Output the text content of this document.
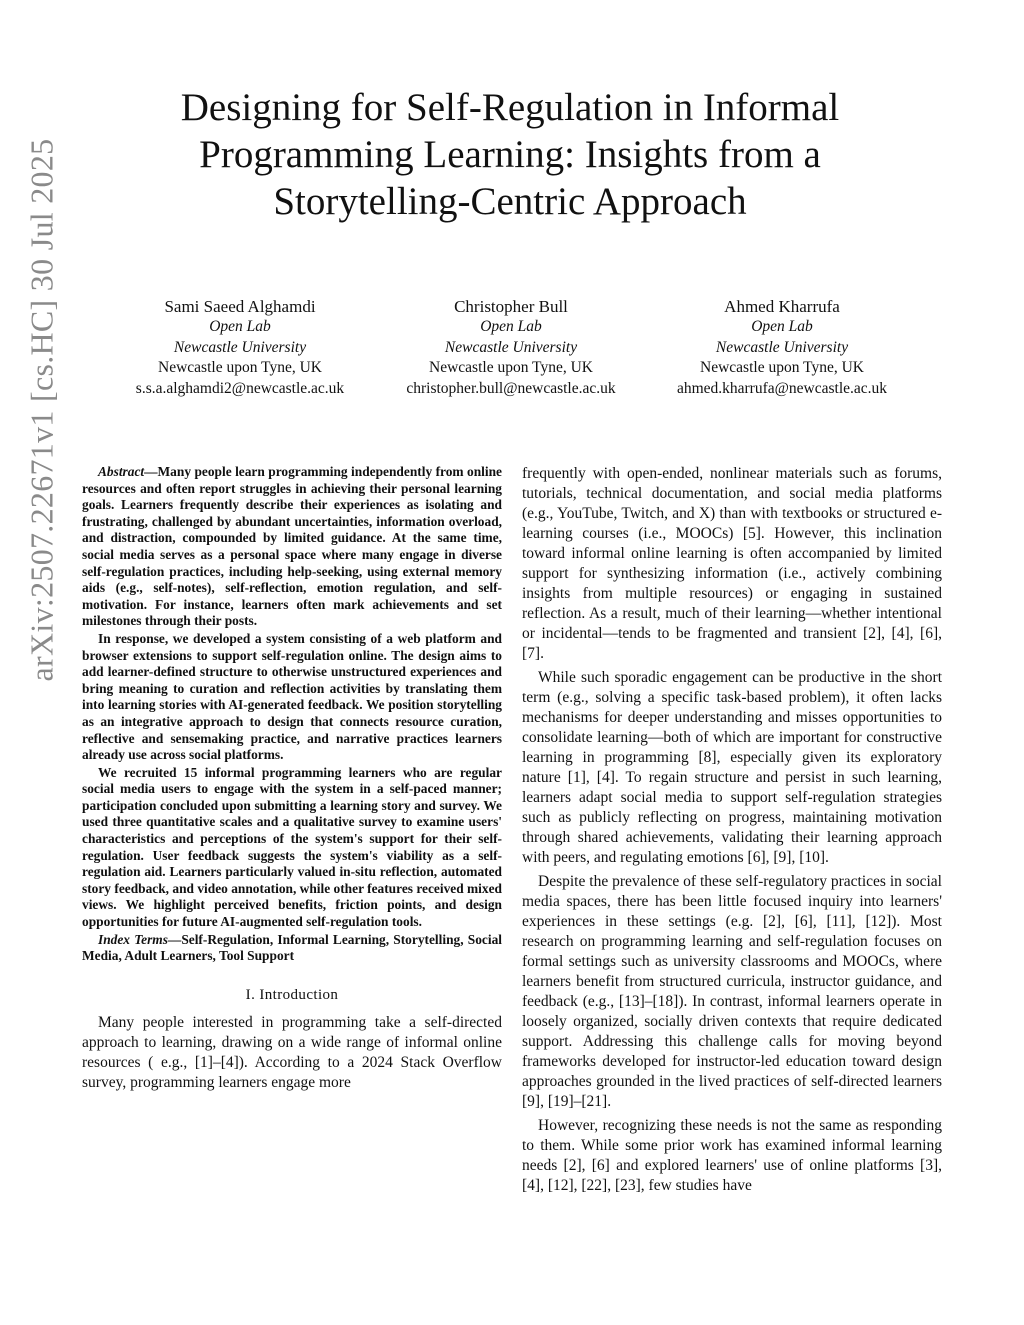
arXiv:2507.22671v1 [cs.HC] 30 Jul 2025
Designing for Self-Regulation in Informal
Programming Learning: Insights from a
Storytelling-Centric Approach
Sami Saeed Alghamdi
Open Lab
Newcastle University
Newcastle upon Tyne, UK
s.s.a.alghamdi2@newcastle.ac.uk
Christopher Bull
Open Lab
Newcastle University
Newcastle upon Tyne, UK
christopher.bull@newcastle.ac.uk
Ahmed Kharrufa
Open Lab
Newcastle University
Newcastle upon Tyne, UK
ahmed.kharrufa@newcastle.ac.uk

Abstract—Many people learn programming independently from online resources and often report struggles in achieving their personal learning goals. Learners frequently describe their experiences as isolating and frustrating, challenged by abundant uncertainties, information overload, and distraction, compounded by limited guidance. At the same time, social media serves as a personal space where many engage in diverse self-regulation practices, including help-seeking, using external memory aids (e.g., self-notes), self-reflection, emotion regulation, and self-motivation. For instance, learners often mark achievements and set milestones through their posts.

In response, we developed a system consisting of a web platform and browser extensions to support self-regulation online. The design aims to add learner-defined structure to otherwise unstructured experiences and bring meaning to curation and reflection activities by translating them into learning stories with AI-generated feedback. We position storytelling as an integrative approach to design that connects resource curation, reflective and sensemaking practice, and narrative practices learners already use across social platforms.

We recruited 15 informal programming learners who are regular social media users to engage with the system in a self-paced manner; participation concluded upon submitting a learning story and survey. We used three quantitative scales and a qualitative survey to examine users' characteristics and perceptions of the system's support for their self-regulation. User feedback suggests the system's viability as a self-regulation aid. Learners particularly valued in-situ reflection, automated story feedback, and video annotation, while other features received mixed views. We highlight perceived benefits, friction points, and design opportunities for future AI-augmented self-regulation tools.

Index Terms—Self-Regulation, Informal Learning, Storytelling, Social Media, Adult Learners, Tool Support

I. Introduction

Many people interested in programming take a self-directed approach to learning, drawing on a wide range of informal online resources ( e.g., [1]–[4]). According to a 2024 Stack Overflow survey, programming learners engage more

frequently with open-ended, nonlinear materials such as forums, tutorials, technical documentation, and social media platforms (e.g., YouTube, Twitch, and X) than with textbooks or structured e-learning courses (i.e., MOOCs) [5]. However, this inclination toward informal online learning is often accompanied by limited support for synthesizing information (i.e., actively combining insights from multiple resources) or engaging in sustained reflection. As a result, much of their learning—whether intentional or incidental—tends to be fragmented and transient [2], [4], [6], [7].

While such sporadic engagement can be productive in the short term (e.g., solving a specific task-based problem), it often lacks mechanisms for deeper understanding and misses opportunities to consolidate learning—both of which are important for constructive learning in programming [8], especially given its exploratory nature [1], [4]. To regain structure and persist in such learning, learners adapt social media to support self-regulation strategies such as publicly reflecting on progress, maintaining motivation through shared achievements, validating their learning approach with peers, and regulating emotions [6], [9], [10].

Despite the prevalence of these self-regulatory practices in social media spaces, there has been little focused inquiry into learners' experiences in these settings (e.g. [2], [6], [11], [12]). Most research on programming learning and self-regulation focuses on formal settings such as university classrooms and MOOCs, where learners benefit from structured curricula, instructor guidance, and feedback (e.g., [13]–[18]). In contrast, informal learners operate in loosely organized, socially driven contexts that require dedicated support. Addressing this challenge calls for moving beyond frameworks developed for instructor-led education toward design approaches grounded in the lived practices of self-directed learners [9], [19]–[21].

However, recognizing these needs is not the same as responding to them. While some prior work has examined informal learning needs [2], [6] and explored learners' use of online platforms [3], [4], [12], [22], [23], few studies have
